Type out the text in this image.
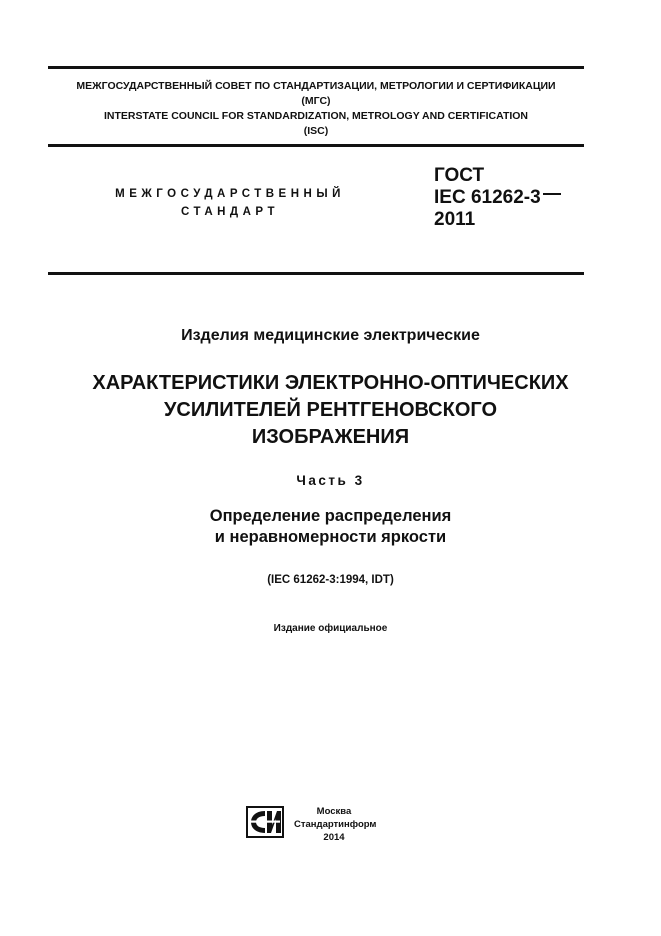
МЕЖГОСУДАРСТВЕННЫЙ СОВЕТ ПО СТАНДАРТИЗАЦИИ, МЕТРОЛОГИИ И СЕРТИФИКАЦИИ
(МГС)
INTERSTATE COUNCIL FOR STANDARDIZATION, METROLOGY AND CERTIFICATION
(ISC)
МЕЖГОСУДАРСТВЕННЫЙ
СТАНДАРТ
ГОСТ
IEC 61262-3
2011
Изделия медицинские электрические
ХАРАКТЕРИСТИКИ ЭЛЕКТРОННО-ОПТИЧЕСКИХ
УСИЛИТЕЛЕЙ РЕНТГЕНОВСКОГО
ИЗОБРАЖЕНИЯ
Часть 3
Определение распределения
и неравномерности яркости
(IEC 61262-3:1994, IDT)
Издание официальное
Москва
Стандартинформ
2014
